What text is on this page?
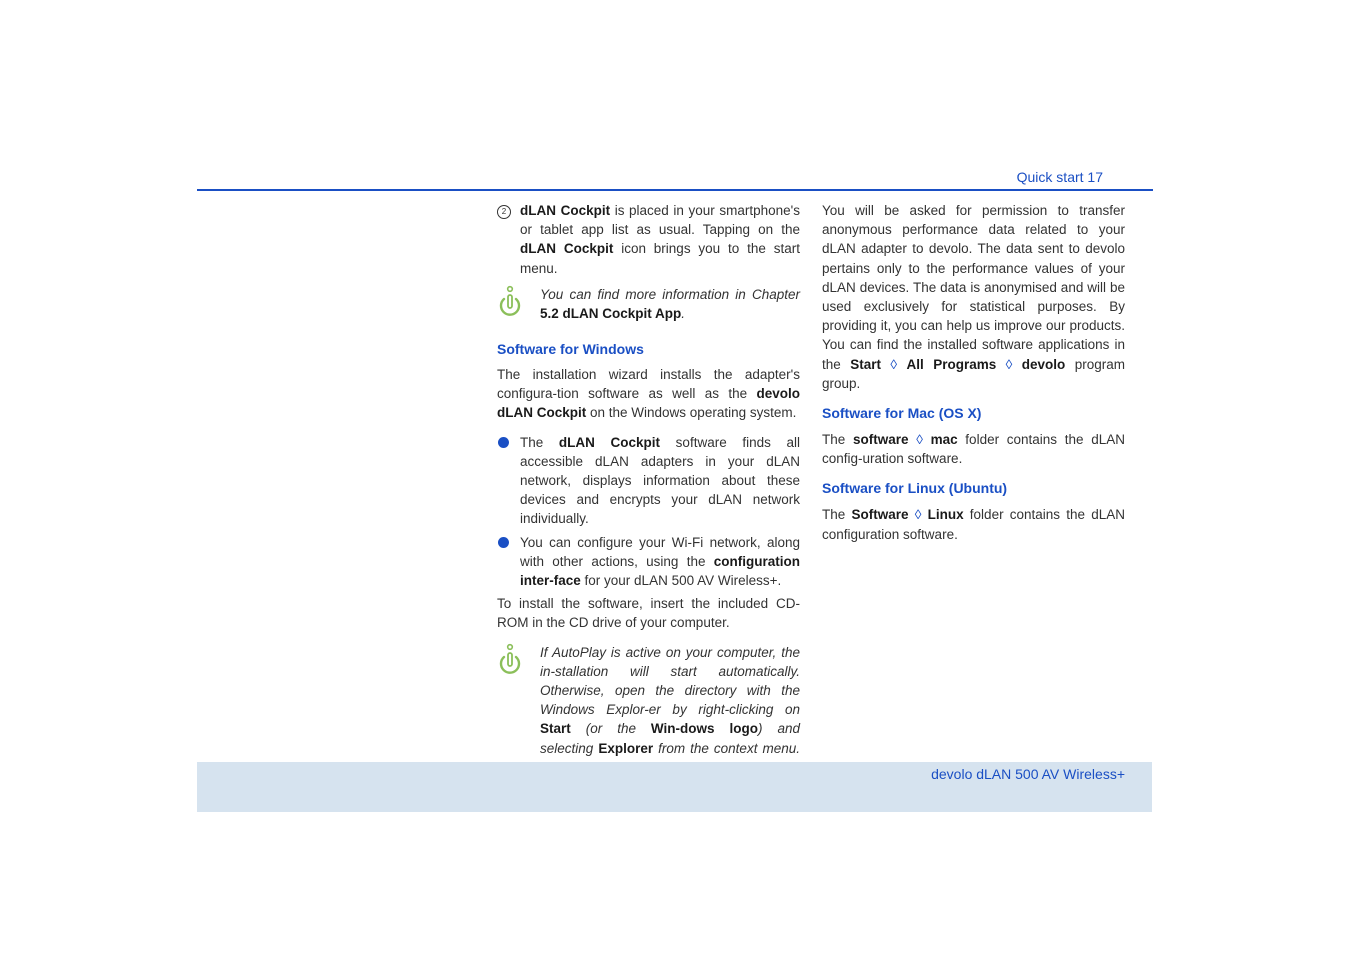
Quick start 17
2	dLAN Cockpit is placed in your smartphone's or tablet app list as usual. Tapping on the dLAN Cockpit icon brings you to the start menu.

You can find more information in Chapter 5.2 dLAN Cockpit App.

Software for Windows

The installation wizard installs the adapter's configura-tion software as well as the devolo dLAN Cockpit on the Windows operating system.

The dLAN Cockpit software finds all accessible dLAN adapters in your dLAN network, displays information about these devices and encrypts your dLAN network individually.

You can configure your Wi-Fi network, along with other actions, using the configuration inter-face for your dLAN 500 AV Wireless+.

To install the software, insert the included CD-ROM in the CD drive of your computer.

If AutoPlay is active on your computer, the in-stallation will start automatically. Otherwise, open the directory with the Windows Explor-er by right-clicking on Start (or the Win-dows logo) and selecting Explorer from the context menu.

You will be asked for permission to transfer anonymous performance data related to your dLAN adapter to devolo. The data sent to devolo pertains only to the performance values of your dLAN devices. The data is anonymised and will be used exclusively for statistical purposes. By providing it, you can help us improve our products. You can find the installed software applications in the Start ◊ All Programs ◊ devolo program group.

Software for Mac (OS X)

The software ◊ mac folder contains the dLAN config-uration software.

Software for Linux (Ubuntu)

The Software ◊ Linux folder contains the dLAN configuration software.

devolo dLAN 500 AV Wireless+
